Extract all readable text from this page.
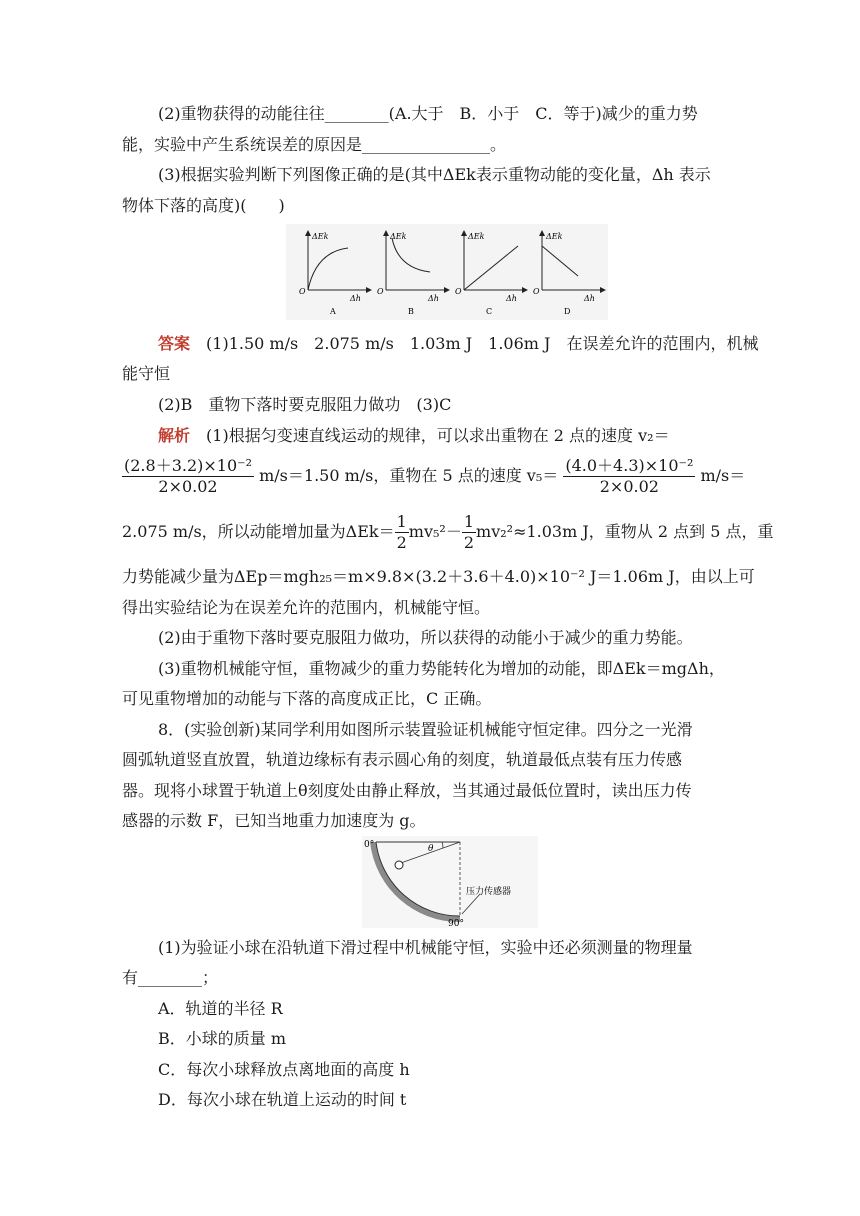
(2)重物获得的动能往往________(A.大于　B．小于　C．等于)减少的重力势
能，实验中产生系统误差的原因是________________。
(3)根据实验判断下列图像正确的是(其中ΔEk表示重物动能的变化量，Δh 表示
物体下落的高度)(　　)
ΔEk
Δh
O
A
ΔEk
Δh
O
B
ΔEk
Δh
O
C
ΔEk
Δh
O
D
答案　 (1)1.50 m/s　2.075 m/s　1.03m J　1.06m J　在误差允许的范围内，机械
能守恒
(2)B　重物下落时要克服阻力做功　(3)C
解析　 (1)根据匀变速直线运动的规律，可以求出重物在 2 点的速度 v₂＝
$\frac{\text{(2.8＋3.2)×10⁻²}}{2\times 0.02} m/s=1.50$ m/s，重物在 5 点的速度 $v_5= \frac{\text{(4.0＋4.3)×10⁻²}}{2\times 0.02} m/s=$
2.075 m/s，所以动能增加量为$\Delta Ek= \frac{1}{2} mv_5^2- \frac{1}{2} mv_2^2\approx 1.03m$ J，重物从 2 点到 5 点，重
力势能减少量为ΔEp＝mgh₂₅＝m×9.8×(3.2＋3.6＋4.0)×10⁻² J＝1.06m J，由以上可
得出实验结论为在误差允许的范围内，机械能守恒。
(2)由于重物下落时要克服阻力做功，所以获得的动能小于减少的重力势能。
(3)重物机械能守恒，重物减少的重力势能转化为增加的动能，即ΔEk＝mgΔh，
可见重物增加的动能与下落的高度成正比，C 正确。
8．(实验创新)某同学利用如图所示装置验证机械能守恒定律。四分之一光滑
圆弧轨道竖直放置，轨道边缘标有表示圆心角的刻度，轨道最低点装有压力传感
器。现将小球置于轨道上θ刻度处由静止释放，当其通过最低位置时，读出压力传
感器的示数 F，已知当地重力加速度为 g。
θ
0°
90°
压力传感器
(1)为验证小球在沿轨道下滑过程中机械能守恒，实验中还必须测量的物理量
有________；
A．轨道的半径 R
B．小球的质量 m
C．每次小球释放点离地面的高度 h
D．每次小球在轨道上运动的时间 t
